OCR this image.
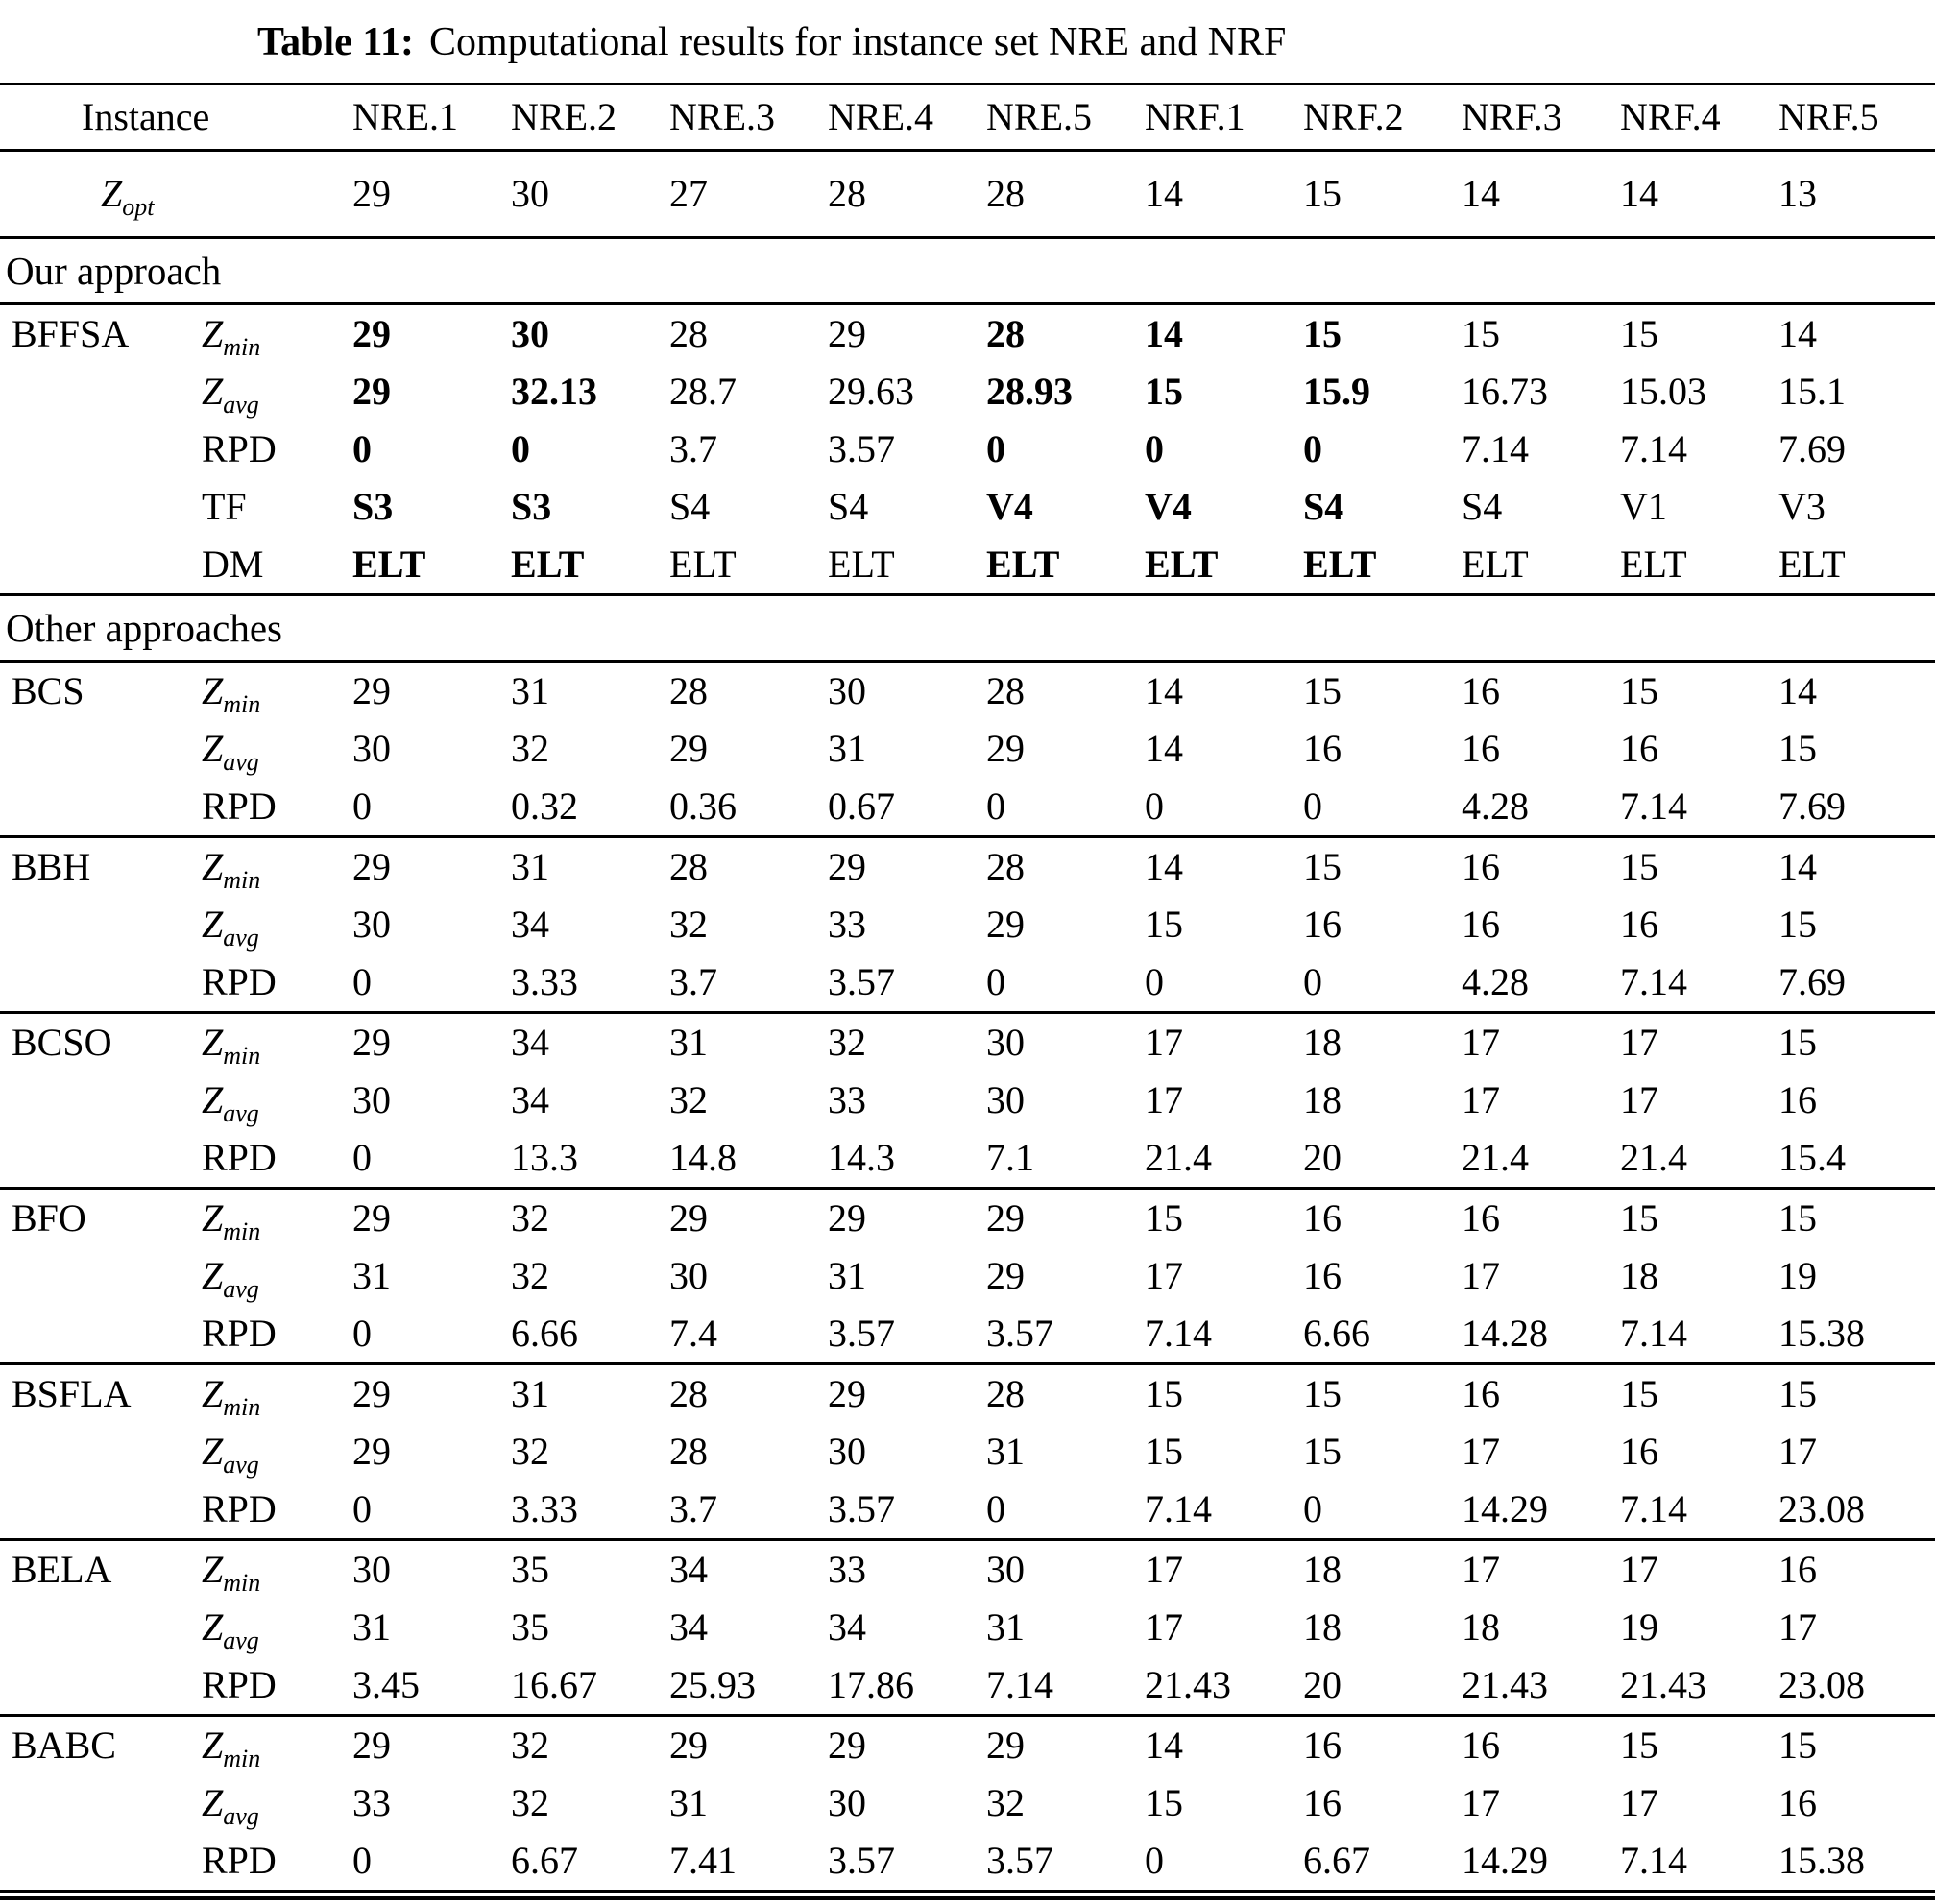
Table 11: Computational results for instance set NRE and NRF
Instance		NRE.1	NRE.2	NRE.3	NRE.4	NRE.5	NRF.1	NRF.2	NRF.3	NRF.4	NRF.5
$Z_{opt}$		29	30	27	28	28	14	15	14	14	13
Our approach											
BFFSA	$Z_{min}$	29	30	28	29	28	14	15	15	15	14
	$Z_{avg}$	29	32.13	28.7	29.63	28.93	15	15.9	16.73	15.03	15.1
	RPD	0	0	3.7	3.57	0	0	0	7.14	7.14	7.69
	TF	S3	S3	S4	S4	V4	V4	S4	S4	V1	V3
	DM	ELT	ELT	ELT	ELT	ELT	ELT	ELT	ELT	ELT	ELT
Other approaches											
BCS	$Z_{min}$	29	31	28	30	28	14	15	16	15	14
	$Z_{avg}$	30	32	29	31	29	14	16	16	16	15
	RPD	0	0.32	0.36	0.67	0	0	0	4.28	7.14	7.69
BBH	$Z_{min}$	29	31	28	29	28	14	15	16	15	14
	$Z_{avg}$	30	34	32	33	29	15	16	16	16	15
	RPD	0	3.33	3.7	3.57	0	0	0	4.28	7.14	7.69
BCSO	$Z_{min}$	29	34	31	32	30	17	18	17	17	15
	$Z_{avg}$	30	34	32	33	30	17	18	17	17	16
	RPD	0	13.3	14.8	14.3	7.1	21.4	20	21.4	21.4	15.4
BFO	$Z_{min}$	29	32	29	29	29	15	16	16	15	15
	$Z_{avg}$	31	32	30	31	29	17	16	17	18	19
	RPD	0	6.66	7.4	3.57	3.57	7.14	6.66	14.28	7.14	15.38
BSFLA	$Z_{min}$	29	31	28	29	28	15	15	16	15	15
	$Z_{avg}$	29	32	28	30	31	15	15	17	16	17
	RPD	0	3.33	3.7	3.57	0	7.14	0	14.29	7.14	23.08
BELA	$Z_{min}$	30	35	34	33	30	17	18	17	17	16
	$Z_{avg}$	31	35	34	34	31	17	18	18	19	17
	RPD	3.45	16.67	25.93	17.86	7.14	21.43	20	21.43	21.43	23.08
BABC	$Z_{min}$	29	32	29	29	29	14	16	16	15	15
	$Z_{avg}$	33	32	31	30	32	15	16	17	17	16
	RPD	0	6.67	7.41	3.57	3.57	0	6.67	14.29	7.14	15.38
